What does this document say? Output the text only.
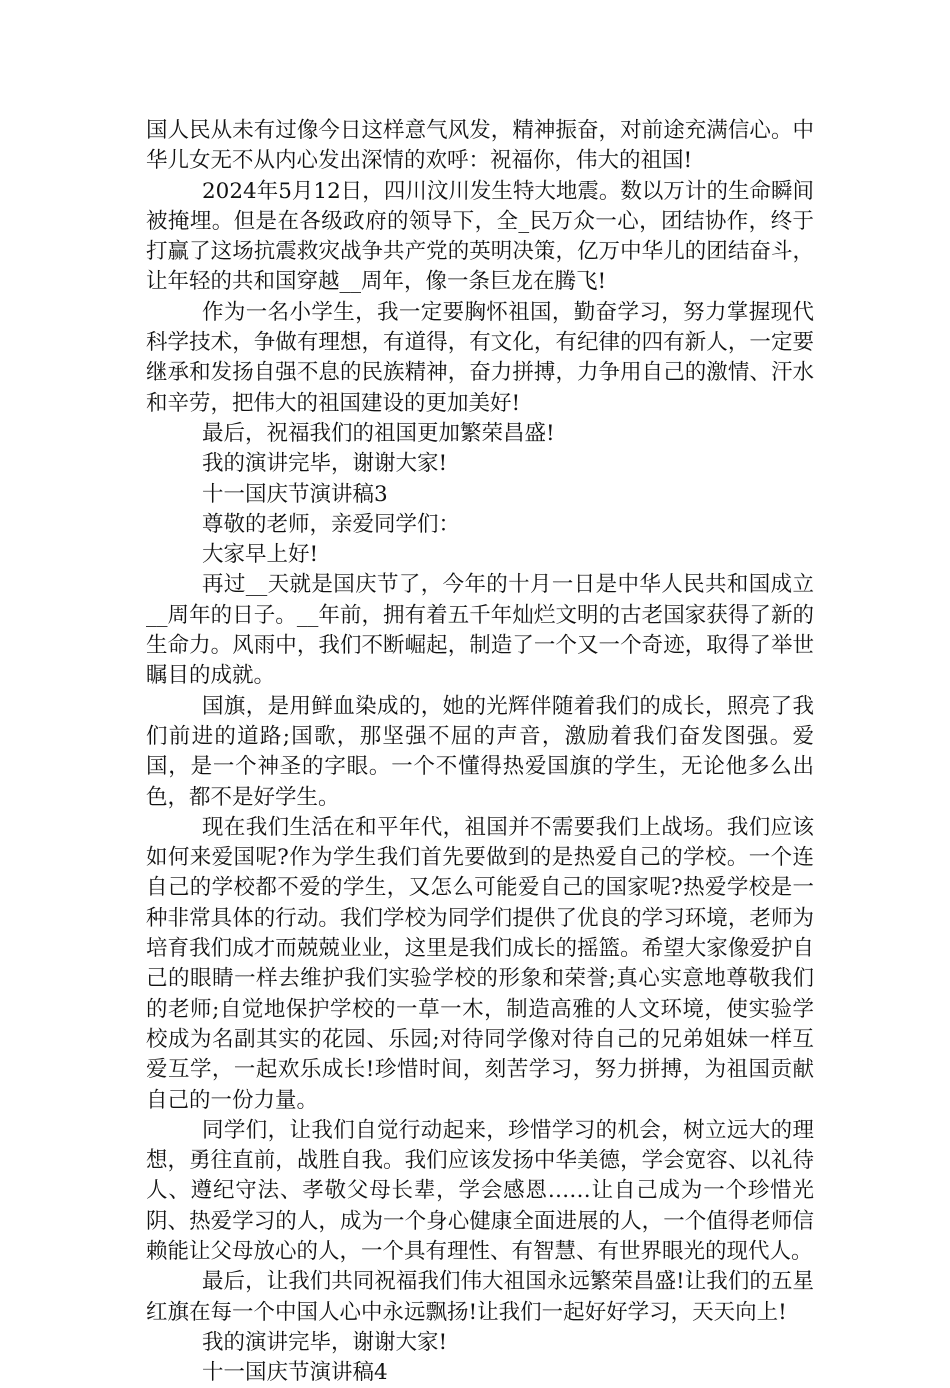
国人民从未有过像今日这样意气风发，精神振奋，对前途充满信心。中华儿女无不从内心发出深情的欢呼：祝福你，伟大的祖国!

2024年5月12日，四川汶川发生特大地震。数以万计的生命瞬间被掩埋。但是在各级政府的领导下，全_民万众一心，团结协作，终于打赢了这场抗震救灾战争共产党的英明决策，亿万中华儿的团结奋斗，让年轻的共和国穿越__周年，像一条巨龙在腾飞!

作为一名小学生，我一定要胸怀祖国，勤奋学习，努力掌握现代科学技术，争做有理想，有道得，有文化，有纪律的四有新人，一定要继承和发扬自强不息的民族精神，奋力拼搏，力争用自己的激情、汗水和辛劳，把伟大的祖国建设的更加美好!

最后，祝福我们的祖国更加繁荣昌盛!

我的演讲完毕，谢谢大家!

十一国庆节演讲稿3

尊敬的老师，亲爱同学们：

大家早上好!

再过__天就是国庆节了，今年的十月一日是中华人民共和国成立__周年的日子。__年前，拥有着五千年灿烂文明的古老国家获得了新的生命力。风雨中，我们不断崛起，制造了一个又一个奇迹，取得了举世瞩目的成就。

国旗，是用鲜血染成的，她的光辉伴随着我们的成长，照亮了我们前进的道路;国歌，那坚强不屈的声音，激励着我们奋发图强。爱国，是一个神圣的字眼。一个不懂得热爱国旗的学生，无论他多么出色，都不是好学生。

现在我们生活在和平年代，祖国并不需要我们上战场。我们应该如何来爱国呢?作为学生我们首先要做到的是热爱自己的学校。一个连自己的学校都不爱的学生，又怎么可能爱自己的国家呢?热爱学校是一种非常具体的行动。我们学校为同学们提供了优良的学习环境，老师为培育我们成才而兢兢业业，这里是我们成长的摇篮。希望大家像爱护自己的眼睛一样去维护我们实验学校的形象和荣誉;真心实意地尊敬我们的老师;自觉地保护学校的一草一木，制造高雅的人文环境，使实验学校成为名副其实的花园、乐园;对待同学像对待自己的兄弟姐妹一样互爱互学，一起欢乐成长!珍惜时间，刻苦学习，努力拼搏，为祖国贡献自己的一份力量。

同学们，让我们自觉行动起来，珍惜学习的机会，树立远大的理想，勇往直前，战胜自我。我们应该发扬中华美德，学会宽容、以礼待人、遵纪守法、孝敬父母长辈，学会感恩……让自己成为一个珍惜光阴、热爱学习的人，成为一个身心健康全面进展的人，一个值得老师信赖能让父母放心的人，一个具有理性、有智慧、有世界眼光的现代人。

最后，让我们共同祝福我们伟大祖国永远繁荣昌盛!让我们的五星红旗在每一个中国人心中永远飘扬!让我们一起好好学习，天天向上!

我的演讲完毕，谢谢大家!

十一国庆节演讲稿4
